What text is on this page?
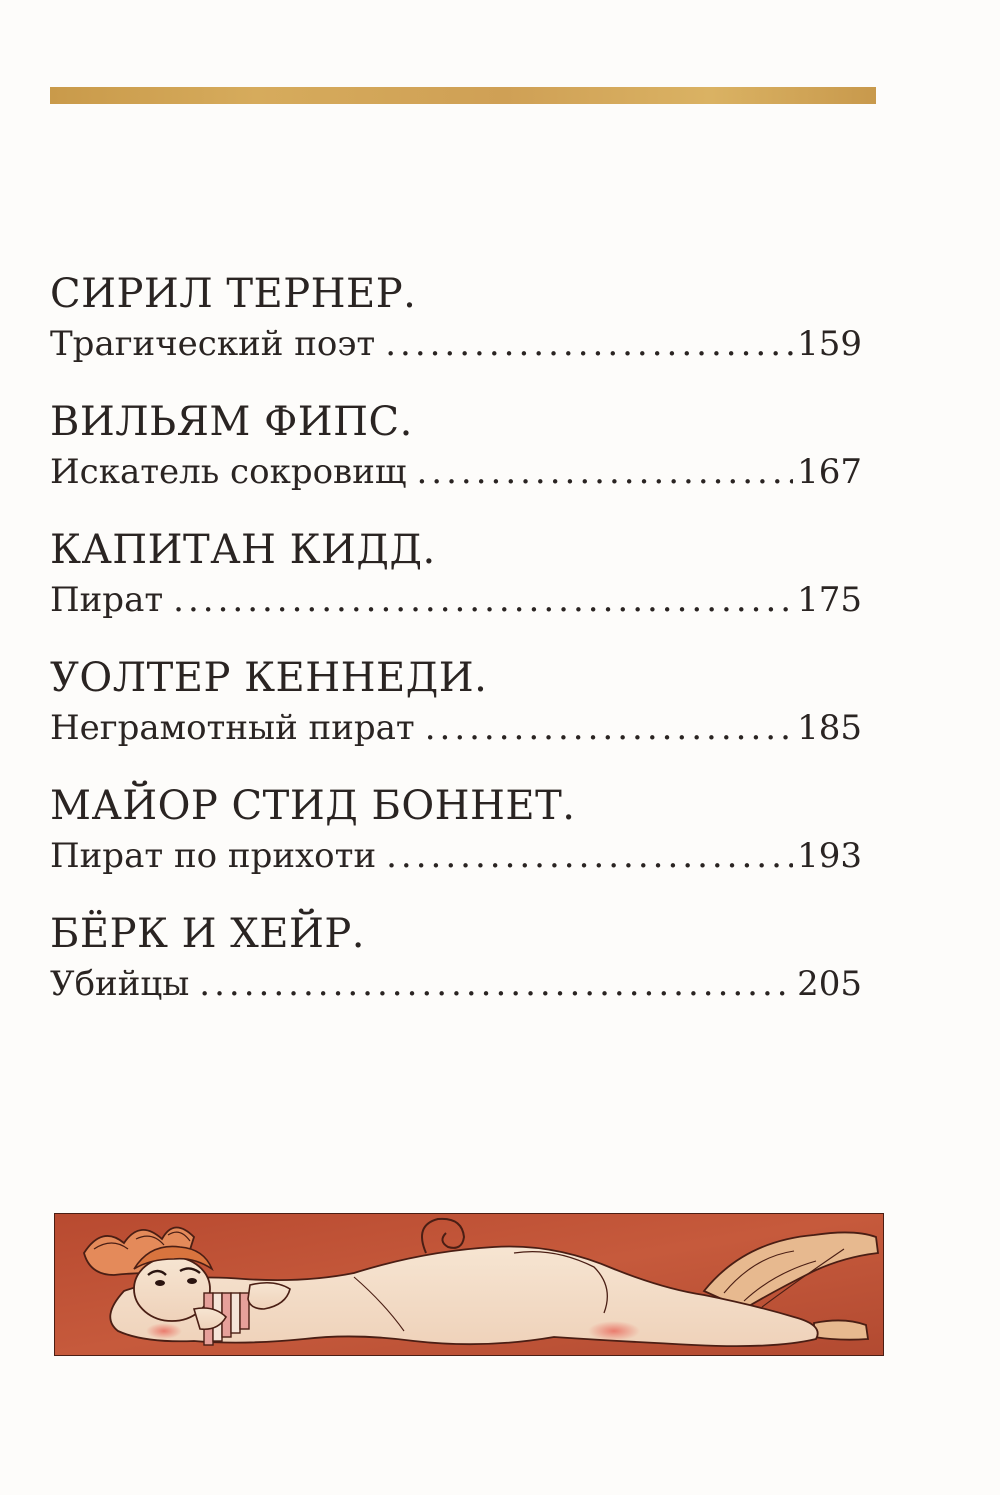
СИРИЛ ТЕРНЕР.
Трагический поэт .....	159
ВИЛЬЯМ ФИПС.
Искатель сокровищ .....	167
КАПИТАН КИДД.
Пират .....	175
УОЛТЕР КЕННЕДИ.
Неграмотный пират .....	185
МАЙОР СТИД БОННЕТ.
Пират по прихоти .....	193
БЁРК И ХЕЙР.
Убийцы .....	205
